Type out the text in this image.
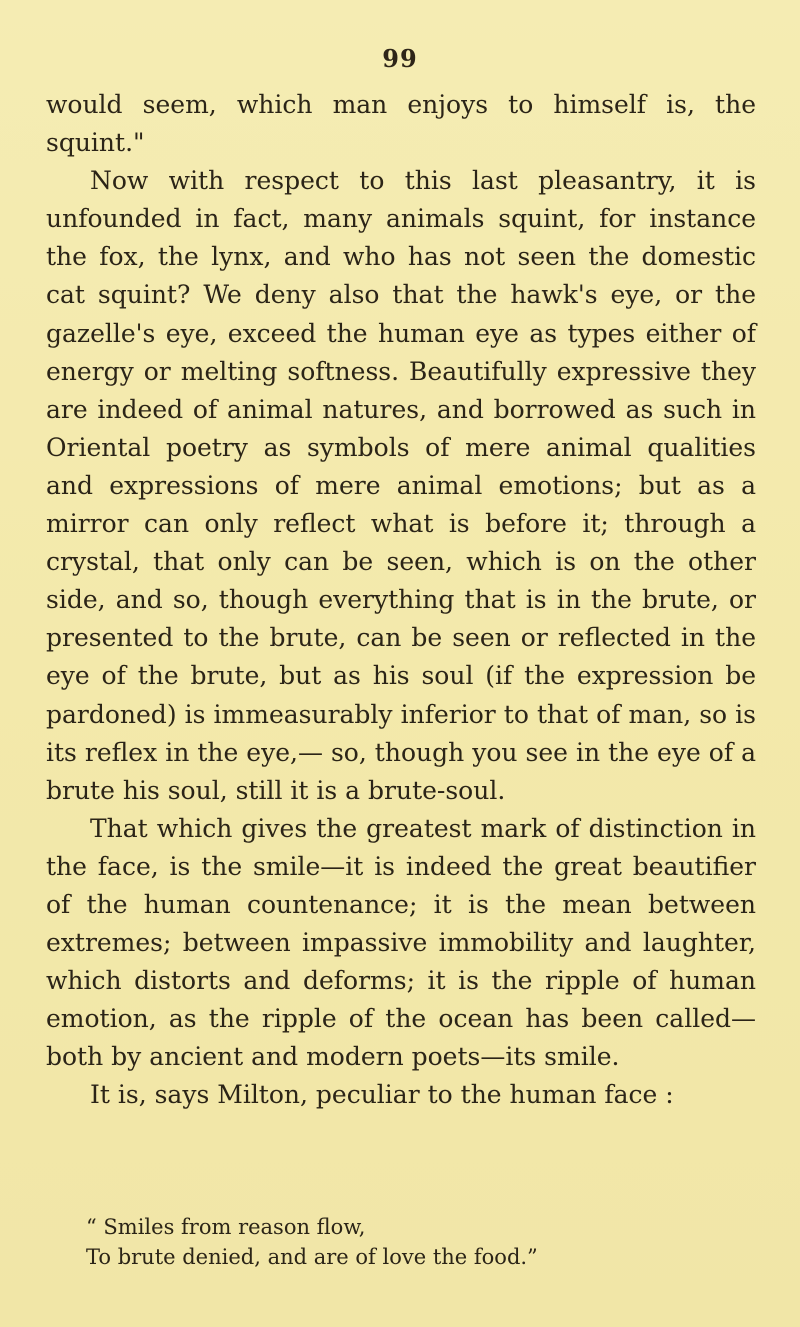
99

would seem, which man enjoys to himself is, the squint."

Now with respect to this last pleasantry, it is unfounded in fact, many animals squint, for instance the fox, the lynx, and who has not seen the domestic cat squint? We deny also that the hawk's eye, or the gazelle's eye, exceed the human eye as types either of energy or melting softness. Beautifully expressive they are indeed of animal natures, and borrowed as such in Oriental poetry as symbols of mere animal qualities and expressions of mere animal emotions; but as a mirror can only reflect what is before it; through a crystal, that only can be seen, which is on the other side, and so, though everything that is in the brute, or presented to the brute, can be seen or reflected in the eye of the brute, but as his soul (if the expression be pardoned) is immeasurably inferior to that of man, so is its reflex in the eye,— so, though you see in the eye of a brute his soul, still it is a brute-soul.

That which gives the greatest mark of distinction in the face, is the smile—it is indeed the great beautifier of the human countenance; it is the mean between extremes; between impassive immobility and laughter, which distorts and deforms; it is the ripple of human emotion, as the ripple of the ocean has been called—both by ancient and modern poets—its smile.

It is, says Milton, peculiar to the human face :

“ Smiles from reason flow,
To brute denied, and are of love the food.”
